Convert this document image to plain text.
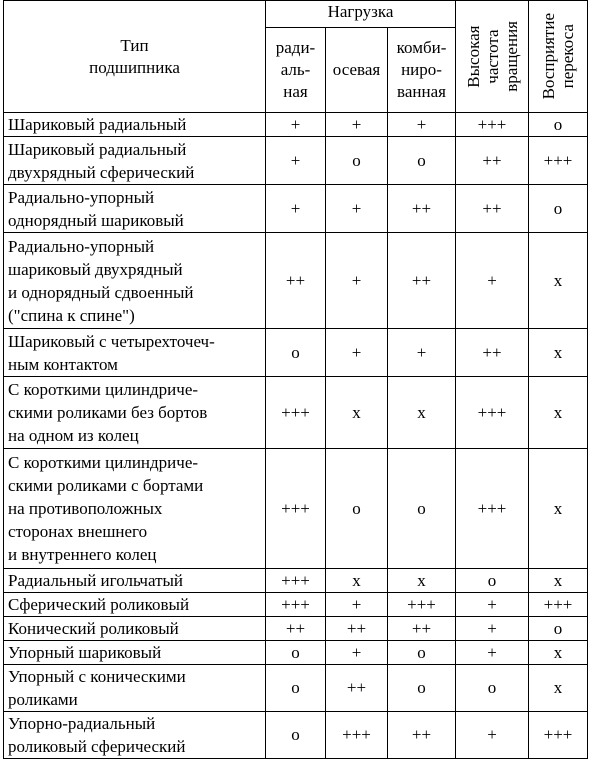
Тип
подшипника	Нагрузка			Высокая частота вращения	Восприятие перекоса

	ради-
аль-
ная	осевая	комби-
ниро-
ванная		

Шариковый радиальный	+	+	+	+++	o

Шариковый радиальный
двухрядный сферический	+	o	o	++	+++

Радиально-упорный
однорядный шариковый	+	+	++	++	o

Радиально-упорный
шариковый двухрядный
и однорядный сдвоенный
("спина к спине")	++	+	++	+	x

Шариковый с четырехточеч-
ным контактом	o	+	+	++	x

С короткими цилиндриче-
скими роликами без бортов
на одном из колец	+++	x	x	+++	x

С короткими цилиндриче-
скими роликами с бортами
на противоположных
сторонах внешнего
и внутреннего колец	+++	o	o	+++	x

Радиальный игольчатый	+++	x	x	o	x

Сферический роликовый	+++	+	+++	+	+++

Конический роликовый	++	++	++	+	o

Упорный шариковый	o	+	o	+	x

Упорный с коническими
роликами	o	++	o	o	x

Упорно-радиальный
роликовый сферический	o	+++	++	+	+++
